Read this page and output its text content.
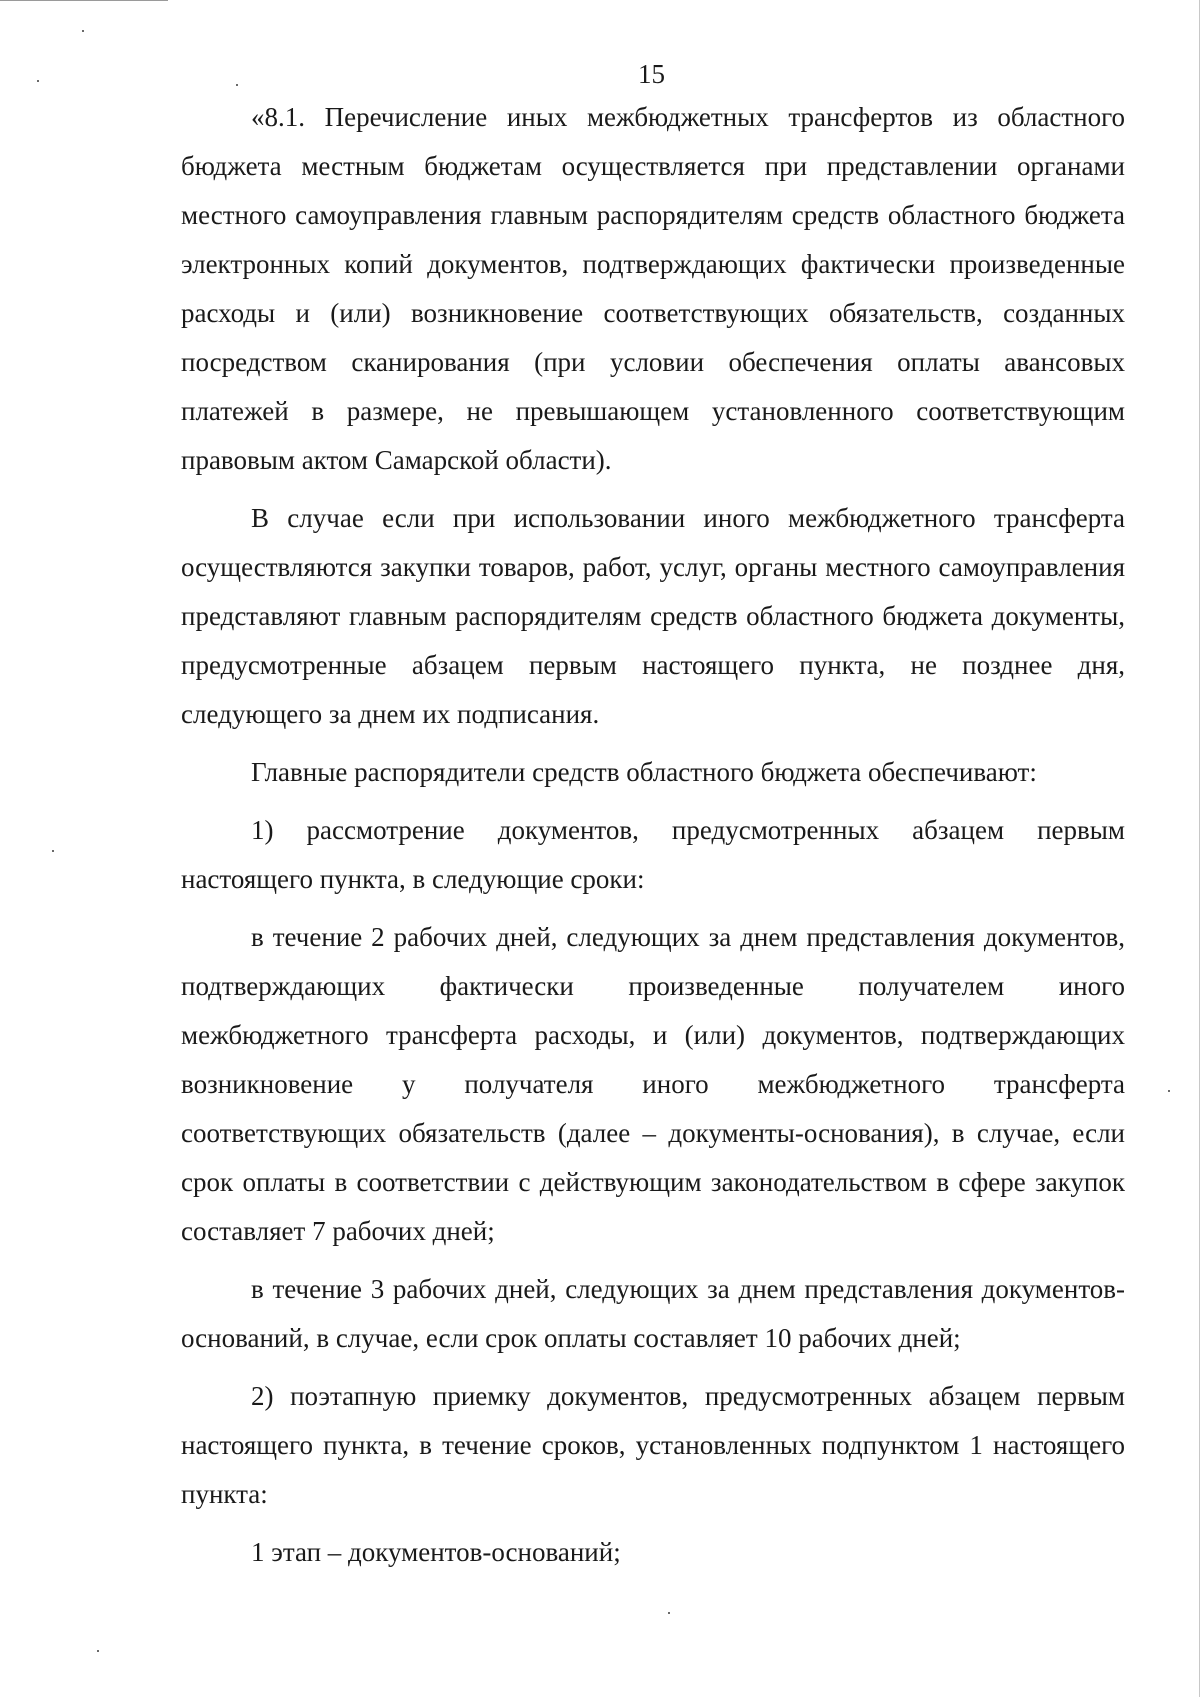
15

«8.1. Перечисление иных межбюджетных трансфертов из областного бюджета местным бюджетам осуществляется при представлении органами местного самоуправления главным распорядителям средств областного бюджета электронных копий документов, подтверждающих фактически произведенные расходы и (или) возникновение соответствующих обязательств, созданных посредством сканирования (при условии обеспечения оплаты авансовых платежей в размере, не превышающем установленного соответствующим правовым актом Самарской области).

В случае если при использовании иного межбюджетного трансферта осуществляются закупки товаров, работ, услуг, органы местного самоуправления представляют главным распорядителям средств областного бюджета документы, предусмотренные абзацем первым настоящего пункта, не позднее дня, следующего за днем их подписания.

Главные распорядители средств областного бюджета обеспечивают:

1) рассмотрение документов, предусмотренных абзацем первым настоящего пункта, в следующие сроки:

в течение 2 рабочих дней, следующих за днем представления документов, подтверждающих фактически произведенные получателем иного межбюджетного трансферта расходы, и (или) документов, подтверждающих возникновение у получателя иного межбюджетного трансферта соответствующих обязательств (далее – документы-основания), в случае, если срок оплаты в соответствии с действующим законодательством в сфере закупок составляет 7 рабочих дней;

в течение 3 рабочих дней, следующих за днем представления документов-оснований, в случае, если срок оплаты составляет 10 рабочих дней;

2) поэтапную приемку документов, предусмотренных абзацем первым настоящего пункта, в течение сроков, установленных подпунктом 1 настоящего пункта:

1 этап – документов-оснований;
